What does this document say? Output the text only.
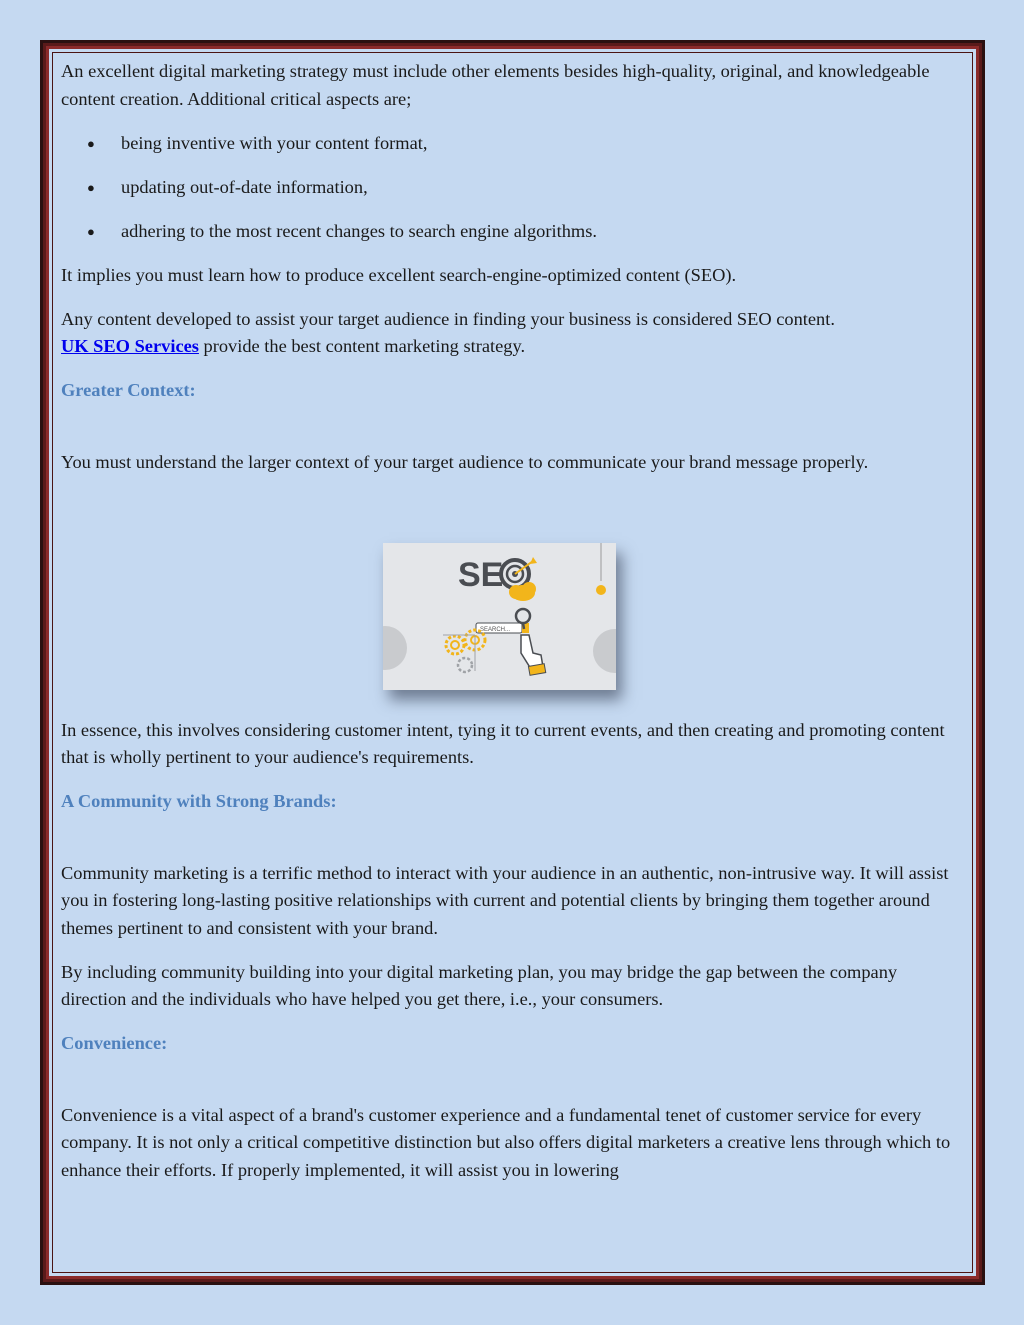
An excellent digital marketing strategy must include other elements besides high-quality, original, and knowledgeable content creation. Additional critical aspects are;

● being inventive with your content format,
● updating out-of-date information,
● adhering to the most recent changes to search engine algorithms.

It implies you must learn how to produce excellent search-engine-optimized content (SEO).

Any content developed to assist your target audience in finding your business is considered SEO content.
UK SEO Services provide the best content marketing strategy.

Greater Context:

You must understand the larger context of your target audience to communicate your brand message properly.

In essence, this involves considering customer intent, tying it to current events, and then creating and promoting content that is wholly pertinent to your audience's requirements.

A Community with Strong Brands:

Community marketing is a terrific method to interact with your audience in an authentic, non-intrusive way. It will assist you in fostering long-lasting positive relationships with current and potential clients by bringing them together around themes pertinent to and consistent with your brand.

By including community building into your digital marketing plan, you may bridge the gap between the company direction and the individuals who have helped you get there, i.e., your consumers.

Convenience:

Convenience is a vital aspect of a brand's customer experience and a fundamental tenet of customer service for every company. It is not only a critical competitive distinction but also offers digital marketers a creative lens through which to enhance their efforts. If properly implemented, it will assist you in lowering

SE
SEARCH...
